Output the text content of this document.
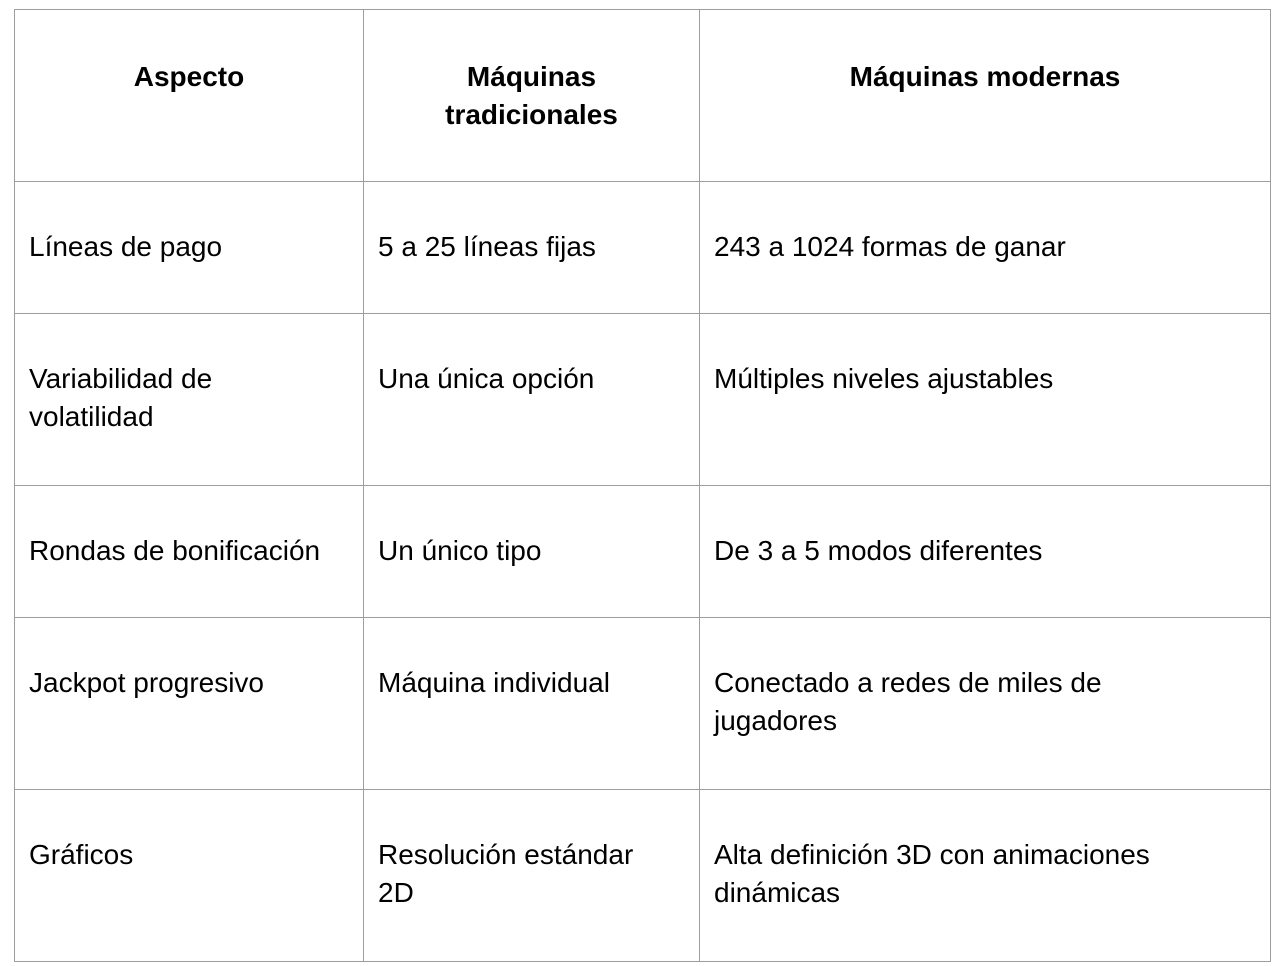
Aspecto	Máquinas tradicionales	Máquinas modernas
Líneas de pago	5 a 25 líneas fijas	243 a 1024 formas de ganar
Variabilidad de volatilidad	Una única opción	Múltiples niveles ajustables
Rondas de bonificación	Un único tipo	De 3 a 5 modos diferentes
Jackpot progresivo	Máquina individual	Conectado a redes de miles de jugadores
Gráficos	Resolución estándar 2D	Alta definición 3D con animaciones dinámicas
